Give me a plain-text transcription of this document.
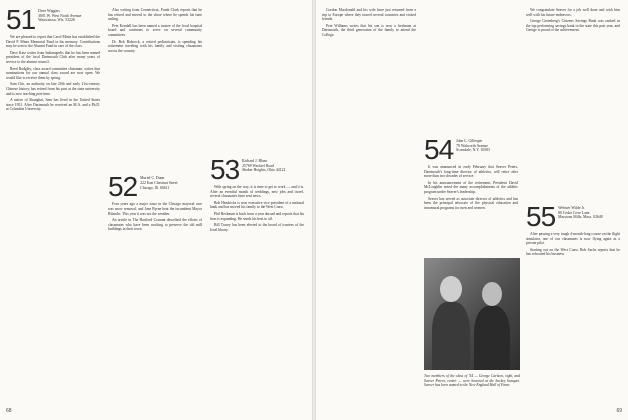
51 Dave Wiggins
3001 W. West North Avenue
Wauwatosa, Wis. 53226

We are pleased to report that Carol Mintz has established the David P. Mintz Memorial Fund in his memory. Contributions may be sent to the Alumni Fund in care of the class.

Dave Katz writes from Indianapolis that he has been named president of the local Dartmouth Club after many years of service to the alumni council.

Reed Rudgley, class award committee chairman, writes that nominations for our annual class award are now open. We would like to receive them by spring.

Sam Cho, an authority on late 20th and early 21st-century Chinese history, has retired from his post at the state university and is now teaching part-time.

A native of Shanghai, Sam has lived in the United States since 1951. After Dartmouth he received an M.A. and a Ph.D. at Columbia University.

Also writing from Connecticut, Frank Clark reports that he has retired and moved to the shore where he spends his time sailing.

Pete Kendall has been named a trustee of the local hospital board and continues to serve on several community committees.

Dr. Bob Babcock, a retired pediatrician, is spending his retirement traveling with his family and visiting classmates across the country.

52 Muriel C. Dunn
222 East Chestnut Street
Chicago, Ill. 60611

Four years ago a major issue in the Chicago mayoral race was snow removal, and Jane Byrne beat the incumbent Mayor Bilandic. This year it was not the weather.

An article in The Hartford Courant described the efforts of classmates who have been working to preserve the old mill buildings in their town.

53 Richard J. Blum
25769 Wachtel Road
Shaker Heights, Ohio 44122

With spring on the way, it is time to get to work — and it is. After an eventful month of weddings, new jobs and travel, several classmates have sent news.

Bob Hendricks is now executive vice president of a national bank and has moved his family to the West Coast.

Phil Beckman is back from a year abroad and reports that his firm is expanding. He sends his best to all.

Bill Tracey has been elected to the board of trustees of the local library.

68

Gordon Macdonald and his wife have just returned from a trip to Europe where they toured several countries and visited friends.

Pete Williams writes that his son is now a freshman at Dartmouth, the third generation of the family to attend the College.

54 John L. Gillespie
79 Walworth Avenue
Scarsdale, N.Y. 10583

It was announced in early February that Seaver Peters, Dartmouth's long-time director of athletics, will retire after more than two decades of service.

In his announcement of the retirement, President David McLaughlin noted the many accomplishments of the athletic program under Seaver's leadership.

Seaver has served as associate director of athletics and has been the principal advocate of the physical education and intramural programs for men and women.

Two members of the class of '54 — George Carlson, right, and Seaver Peters, center — were honored at the hockey banquet. Seaver has been named to the New England Hall of Fame.

We congratulate Seaver for a job well done and wish him well with his future endeavors.

George Greenberg's Citizens Savings Bank was ranked as the top performing savings bank in the state this past year, and George is proud of the achievement.

55 Webster Wilde Jr.
80 Cedar Cove Lane
Marstons Mills, Mass. 02648

After passing a very tough 4-month-long course on the flight simulator, one of our classmates is now flying again as a private pilot.

Starting out on the West Coast, Bob Sachs reports that he has relocated his business.

69
